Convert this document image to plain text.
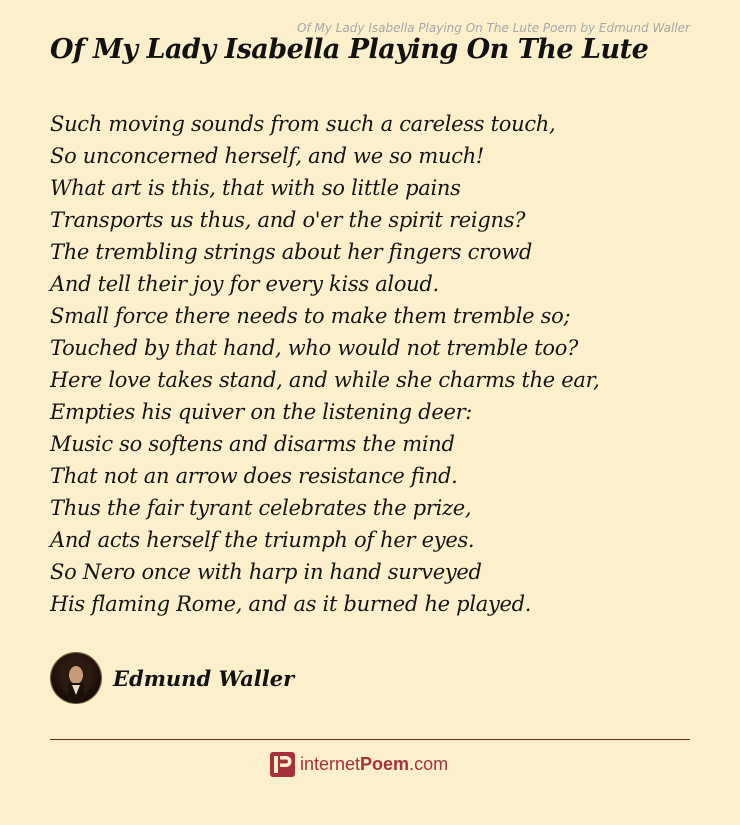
Of My Lady Isabella Playing On The Lute Poem by Edmund Waller
Of My Lady Isabella Playing On The Lute
Such moving sounds from such a careless touch,
So unconcerned herself, and we so much!
What art is this, that with so little pains
Transports us thus, and o'er the spirit reigns?
The trembling strings about her fingers crowd
And tell their joy for every kiss aloud.
Small force there needs to make them tremble so;
Touched by that hand, who would not tremble too?
Here love takes stand, and while she charms the ear,
Empties his quiver on the listening deer:
Music so softens and disarms the mind
That not an arrow does resistance find.
Thus the fair tyrant celebrates the prize,
And acts herself the triumph of her eyes.
So Nero once with harp in hand surveyed
His flaming Rome, and as it burned he played.
Edmund Waller
internetPoem.com
